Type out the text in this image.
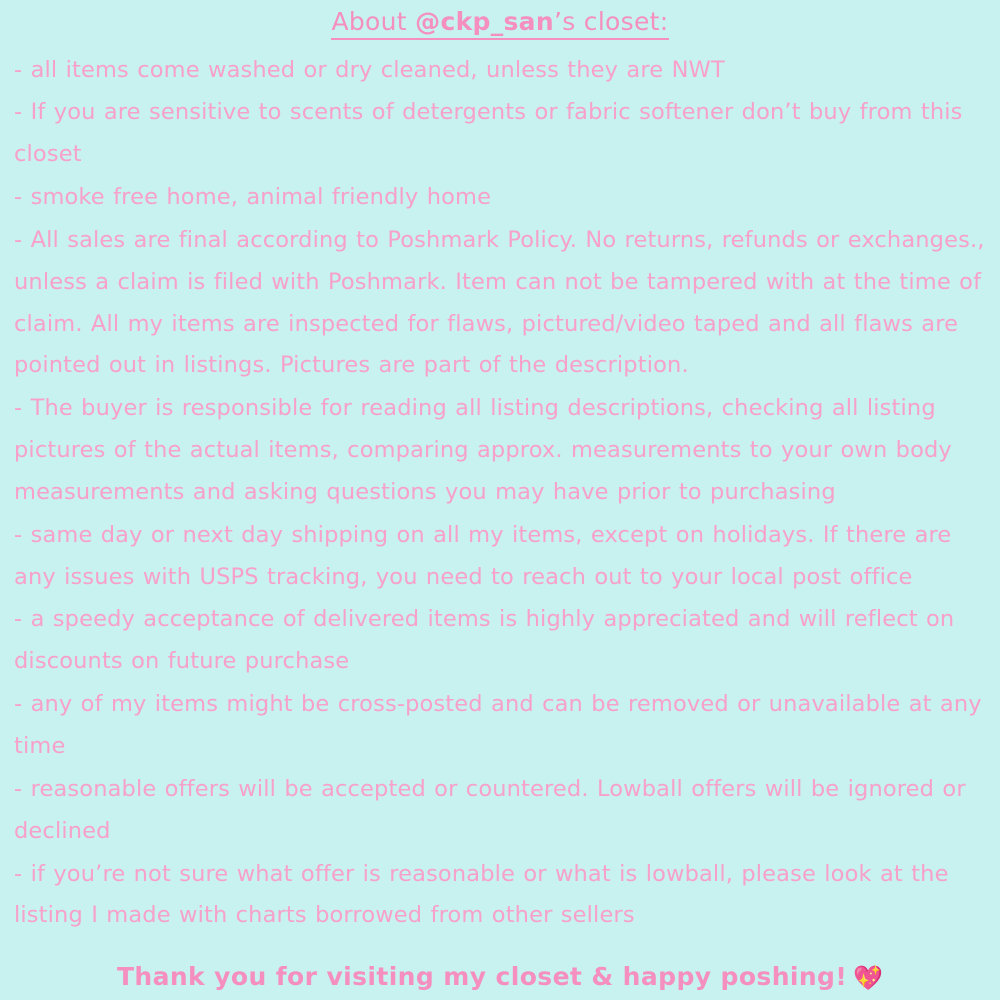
About @ckp_san’s closet:

- all items come washed or dry cleaned, unless they are NWT

- If you are sensitive to scents of detergents or fabric softener don’t buy from this closet

- smoke free home, animal friendly home

- All sales are final according to Poshmark Policy. No returns, refunds or exchanges., unless a claim is filed with Poshmark. Item can not be tampered with at the time of claim. All my items are inspected for flaws, pictured/video taped and all flaws are pointed out in listings. Pictures are part of the description.

- The buyer is responsible for reading all listing descriptions, checking all listing pictures of the actual items, comparing approx. measurements to your own body measurements and asking questions you may have prior to purchasing

- same day or next day shipping on all my items, except on holidays. If there are any issues with USPS tracking, you need to reach out to your local post office

- a speedy acceptance of delivered items is highly appreciated and will reflect on discounts on future purchase

- any of my items might be cross-posted and can be removed or unavailable at any time

- reasonable offers will be accepted or countered. Lowball offers will be ignored or declined

- if you’re not sure what offer is reasonable or what is lowball, please look at the listing I made with charts borrowed from other sellers

Thank you for visiting my closet & happy poshing! 💖
